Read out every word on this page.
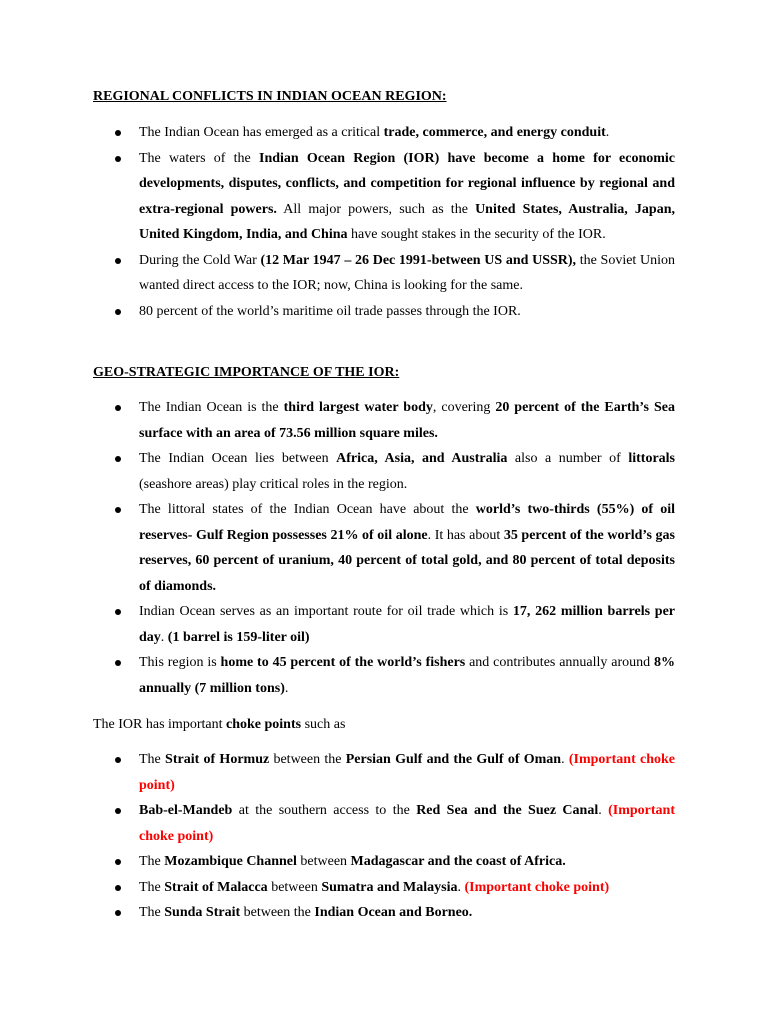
REGIONAL CONFLICTS IN INDIAN OCEAN REGION:
The Indian Ocean has emerged as a critical trade, commerce, and energy conduit.
The waters of the Indian Ocean Region (IOR) have become a home for economic developments, disputes, conflicts, and competition for regional influence by regional and extra-regional powers. All major powers, such as the United States, Australia, Japan, United Kingdom, India, and China have sought stakes in the security of the IOR.
During the Cold War (12 Mar 1947 – 26 Dec 1991-between US and USSR), the Soviet Union wanted direct access to the IOR; now, China is looking for the same.
80 percent of the world’s maritime oil trade passes through the IOR.
GEO-STRATEGIC IMPORTANCE OF THE IOR:
The Indian Ocean is the third largest water body, covering 20 percent of the Earth’s Sea surface with an area of 73.56 million square miles.
The Indian Ocean lies between Africa, Asia, and Australia also a number of littorals (seashore areas) play critical roles in the region.
The littoral states of the Indian Ocean have about the world’s two-thirds (55%) of oil reserves- Gulf Region possesses 21% of oil alone. It has about 35 percent of the world’s gas reserves, 60 percent of uranium, 40 percent of total gold, and 80 percent of total deposits of diamonds.
Indian Ocean serves as an important route for oil trade which is 17, 262 million barrels per day. (1 barrel is 159-liter oil)
This region is home to 45 percent of the world’s fishers and contributes annually around 8% annually (7 million tons).

The IOR has important choke points such as

The Strait of Hormuz between the Persian Gulf and the Gulf of Oman. (Important choke point)
Bab-el-Mandeb at the southern access to the Red Sea and the Suez Canal. (Important choke point)
The Mozambique Channel between Madagascar and the coast of Africa.
The Strait of Malacca between Sumatra and Malaysia. (Important choke point)
The Sunda Strait between the Indian Ocean and Borneo.
